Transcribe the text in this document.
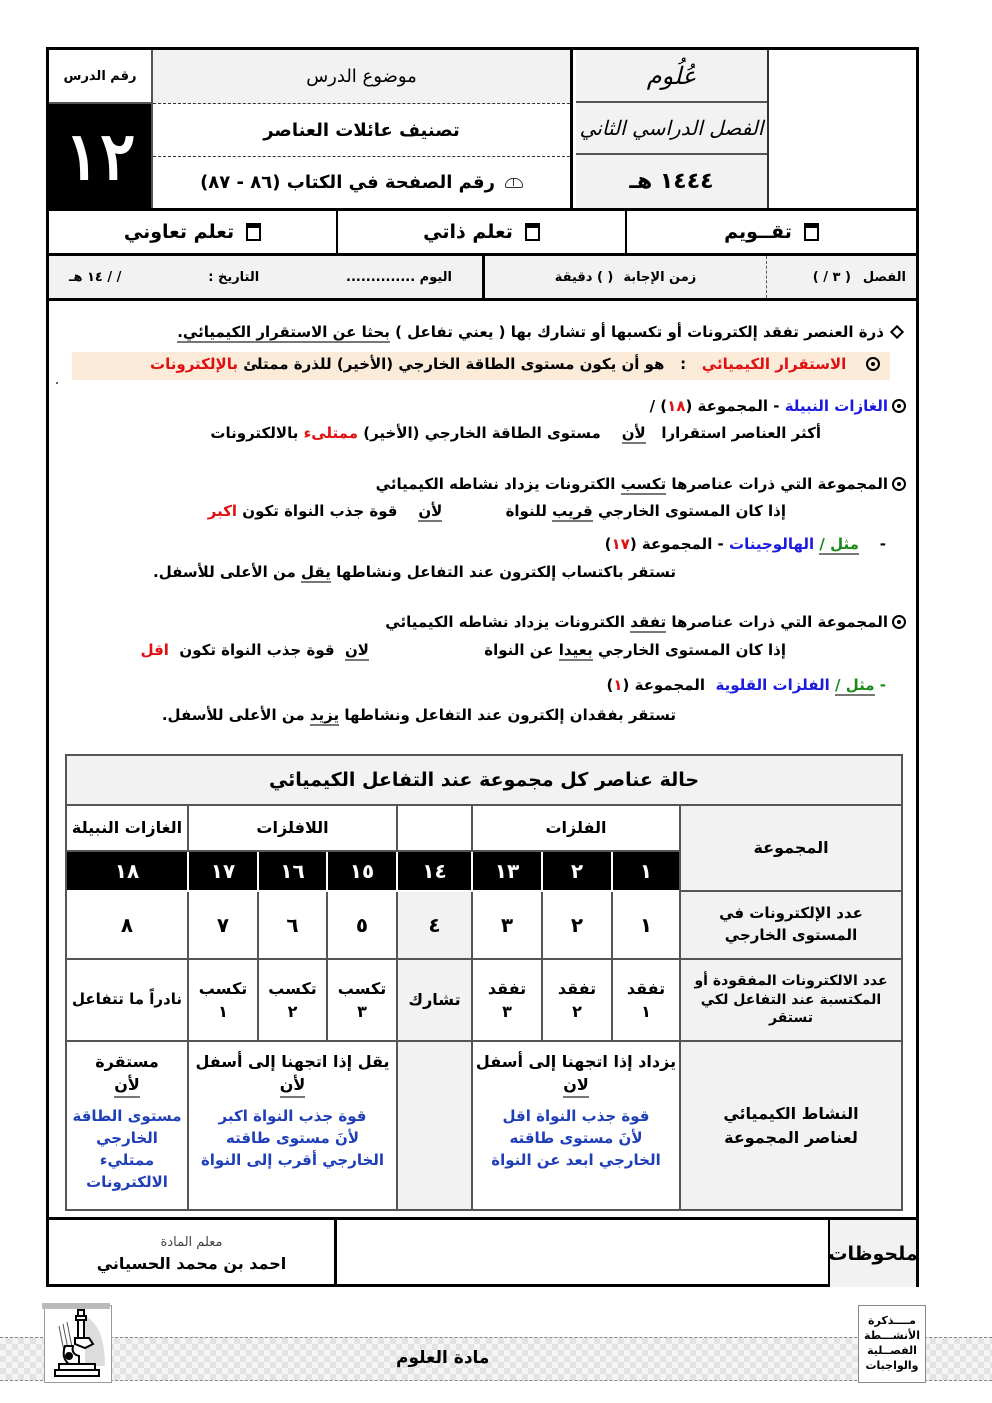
رقم الدرس
١٢
موضوع الدرس
تصنيف عائلات العناصر
رقم الصفحة في الكتاب (٨٦ - ٨٧)
عُلُوم
الفصل الدراسي الثاني
١٤٤٤ هـ
تقــويم
تعلم ذاتي
تعلم تعاوني
الفصل
( ٣ / )
زمن الإجابة
( ) دقيقة
اليوم ..............
التاريخ :
/ / ١٤ هـ
ذرة العنصر تفقد إلكترونات أو تكسبها أو تشارك بها ( يعني تفاعل ) بحثا عن الاستقرار الكيميائي.
الاستقرار الكيميائي   :   هو أن يكون مستوى الطاقة الخارجي (الأخير) للذرة ممتلئ بالإلكترونات
الغازات النبيلة - المجموعة (١٨) /
أكثر العناصر استقرارا   لأن    مستوى الطاقة الخارجي (الأخير) ممتلىء بالالكترونات
المجموعة التي ذرات عناصرها تكسب الكترونات يزداد نشاطه الكيميائي
إذا كان المستوى الخارجي قريب للنواة لأن    قوة جذب النواة تكون اكبر
-    مثل / الهالوجينات - المجموعة (١٧)
تستقر باكتساب إلكترون عند التفاعل ونشاطها يقل من الأعلى للأسفل.
المجموعة التي ذرات عناصرها تفقد الكترونات يزداد نشاطه الكيميائي
إذا كان المستوى الخارجي بعيدا عن النواة لان  قوة جذب النواة تكون  اقل
- مثل / الفلزات القلوية  المجموعة (١)
تستقر بفقدان إلكترون عند التفاعل ونشاطها يزيد من الأعلى للأسفل.
حالة عناصر كل مجموعة عند التفاعل الكيميائي
المجموعة
الفلزات
اللافلزات
الغازات النبيلة
١
٢
١٣
١٤
١٥
١٦
١٧
١٨
عدد الإلكترونات في المستوى الخارجي
١
٢
٣
٤
٥
٦
٧
٨
عدد الالكترونات المفقودة أو المكتسبة عند التفاعل لكي تستقر
تفقد
١
تفقد
٢
تفقد
٣
تشارك
تكسب
٣
تكسب
٢
تكسب
١
نادراً ما تتفاعل
النشاط الكيميائي لعناصر المجموعة
يزداد إذا اتجهنا إلى أسفل
لان
قوة جذب النواة اقل
لأنَ مستوى طاقته
الخارجي ابعد عن النواة
يقل إذا اتجهنا إلى أسفل
لأن
قوة جذب النواة اكبر
لأنَ مستوى طاقته
الخارجي أقرب إلى النواة
مستقرة
لأن
مستوى الطاقة
الخارجي ممتليء
الالكترونات
ملحوظات
معلم المادة
احمد بن محمد الحسياني
مادة العلوم
مــــذكرة
الأنشـــطة
الفصــلية
والواجبات
